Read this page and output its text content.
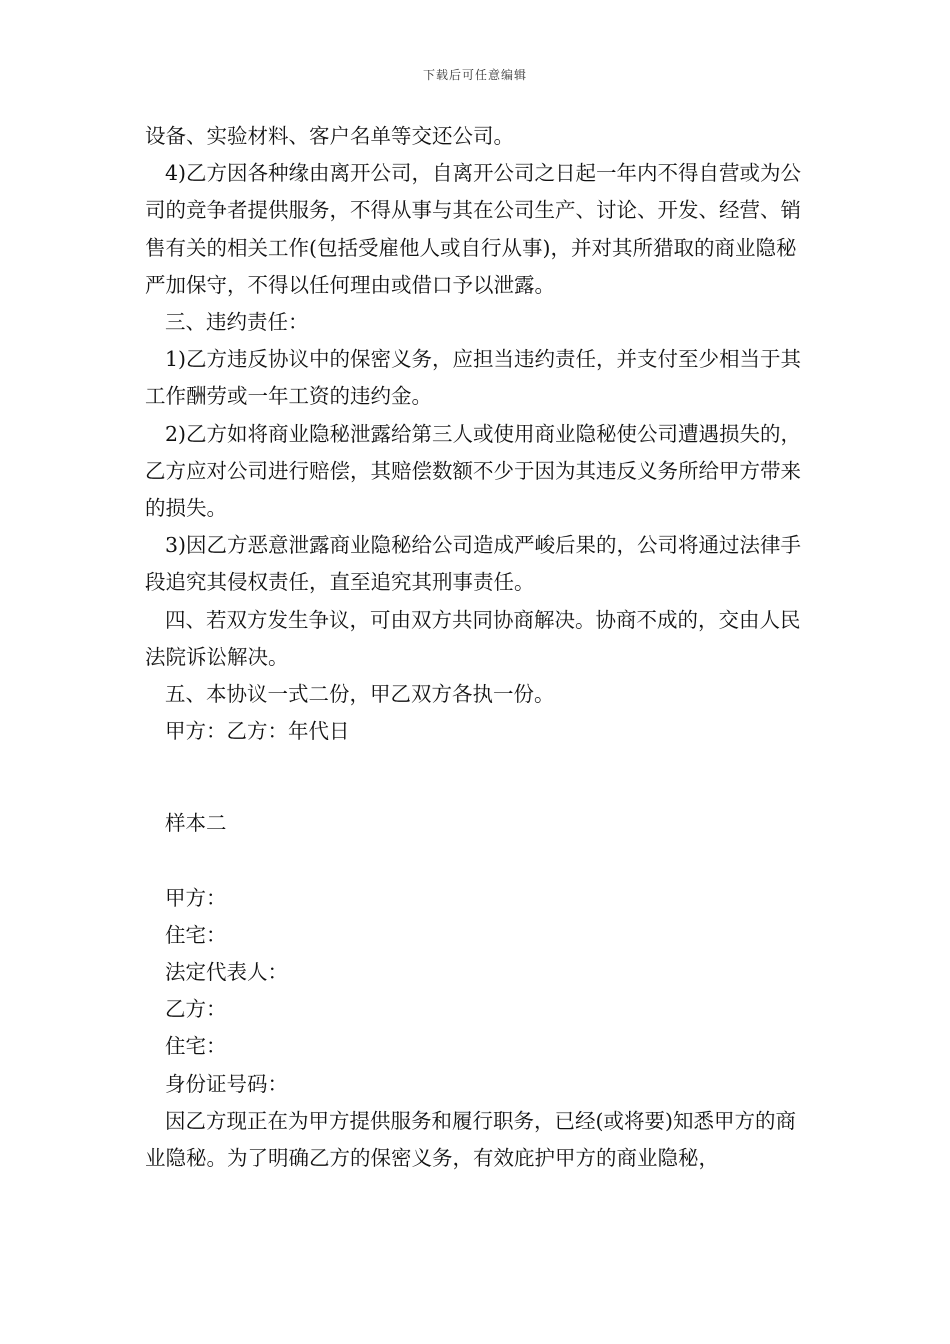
下载后可任意编辑

设备、实验材料、客户名单等交还公司。

4)乙方因各种缘由离开公司，自离开公司之日起一年内不得自营或为公司的竞争者提供服务，不得从事与其在公司生产、讨论、开发、经营、销售有关的相关工作(包括受雇他人或自行从事)，并对其所猎取的商业隐秘严加保守，不得以任何理由或借口予以泄露。

三、违约责任：

1)乙方违反协议中的保密义务，应担当违约责任，并支付至少相当于其工作酬劳或一年工资的违约金。

2)乙方如将商业隐秘泄露给第三人或使用商业隐秘使公司遭遇损失的，乙方应对公司进行赔偿，其赔偿数额不少于因为其违反义务所给甲方带来的损失。

3)因乙方恶意泄露商业隐秘给公司造成严峻后果的，公司将通过法律手段追究其侵权责任，直至追究其刑事责任。

四、若双方发生争议，可由双方共同协商解决。协商不成的，交由人民法院诉讼解决。

五、本协议一式二份，甲乙双方各执一份。

甲方：乙方：年代日

样本二

甲方：

住宅：

法定代表人：

乙方：

住宅：

身份证号码：

因乙方现正在为甲方提供服务和履行职务，已经(或将要)知悉甲方的商业隐秘。为了明确乙方的保密义务，有效庇护甲方的商业隐秘，
